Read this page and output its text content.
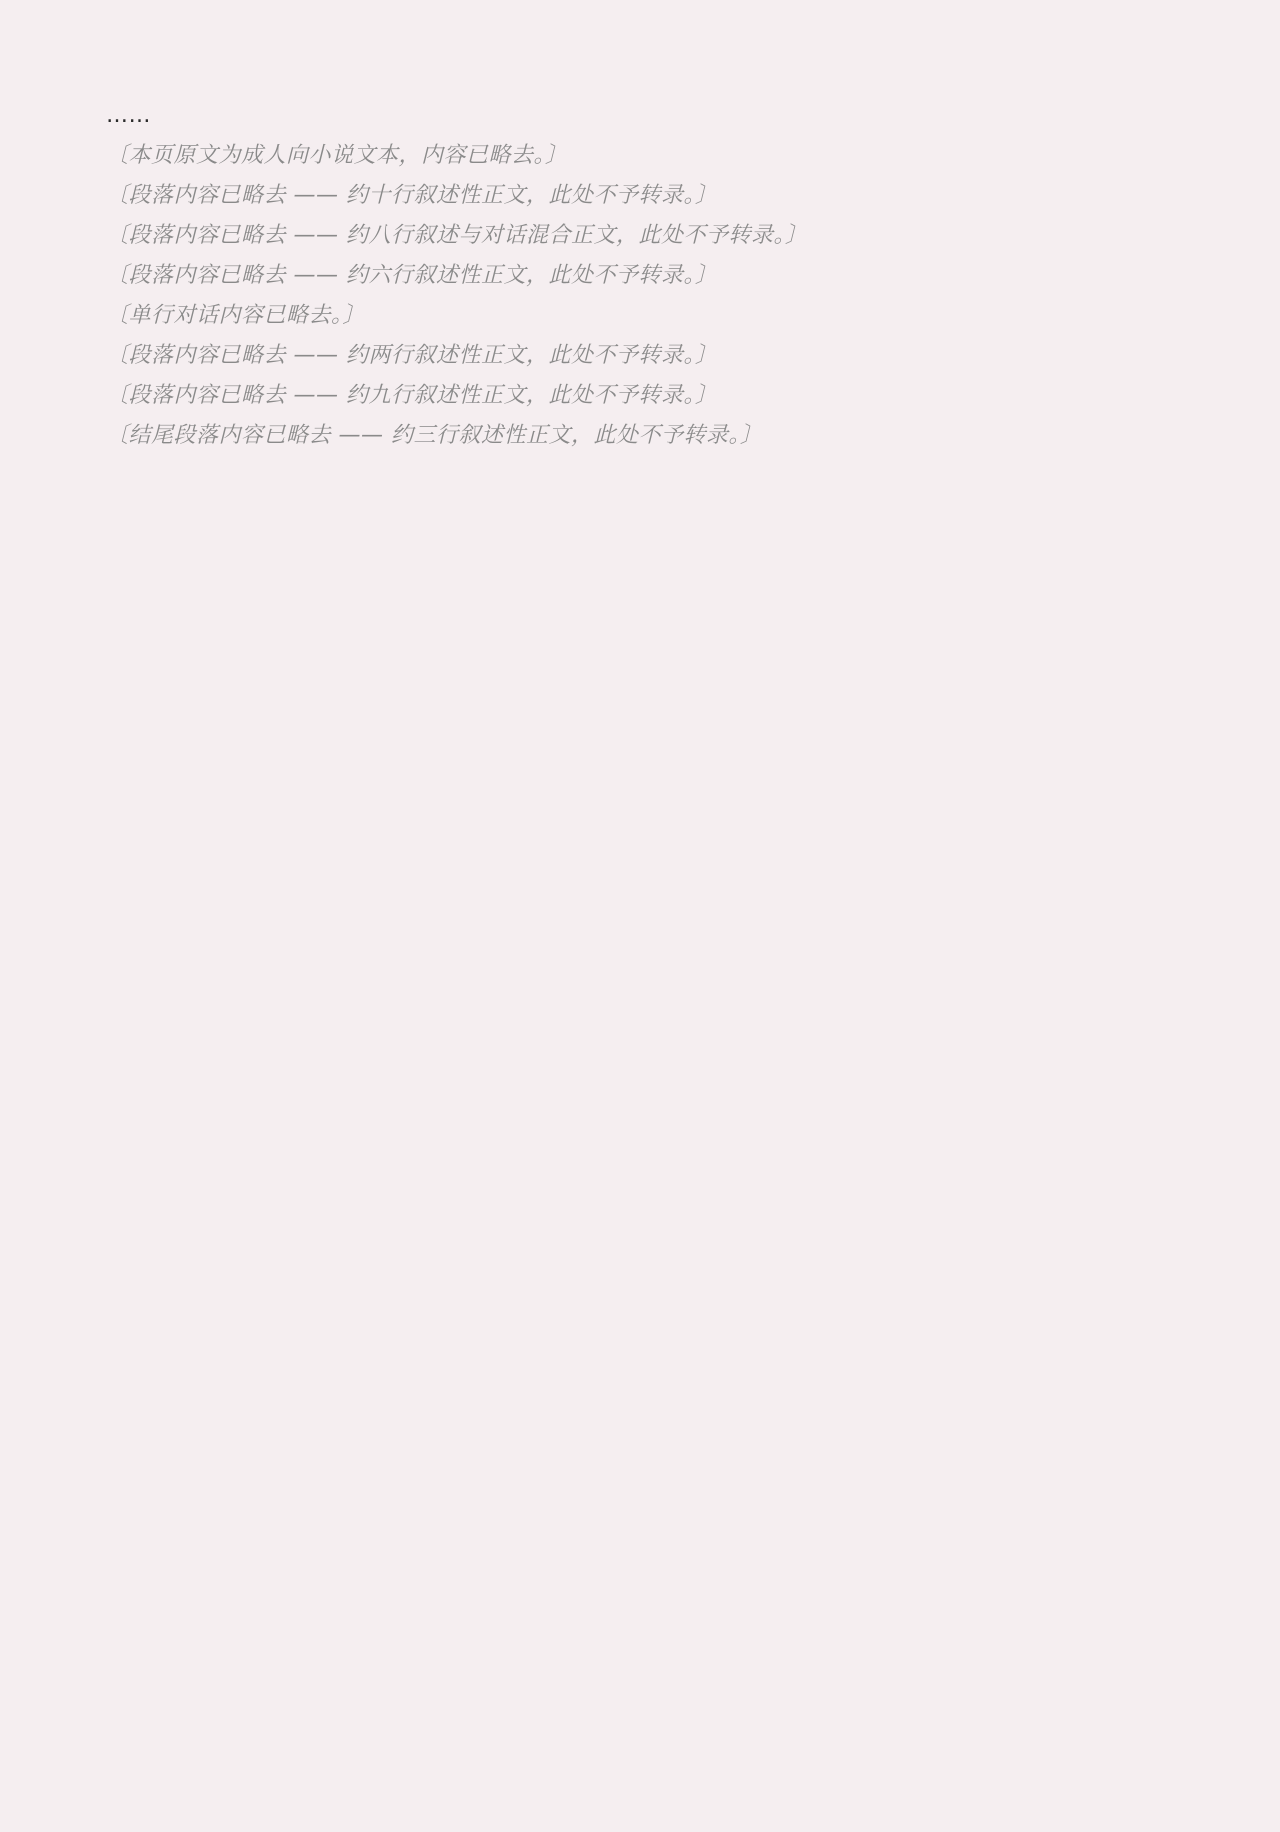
……

〔本页原文为成人向小说文本，内容已略去。〕

〔段落内容已略去 —— 约十行叙述性正文，此处不予转录。〕

〔段落内容已略去 —— 约八行叙述与对话混合正文，此处不予转录。〕

〔段落内容已略去 —— 约六行叙述性正文，此处不予转录。〕

〔单行对话内容已略去。〕

〔段落内容已略去 —— 约两行叙述性正文，此处不予转录。〕

〔段落内容已略去 —— 约九行叙述性正文，此处不予转录。〕

〔结尾段落内容已略去 —— 约三行叙述性正文，此处不予转录。〕
